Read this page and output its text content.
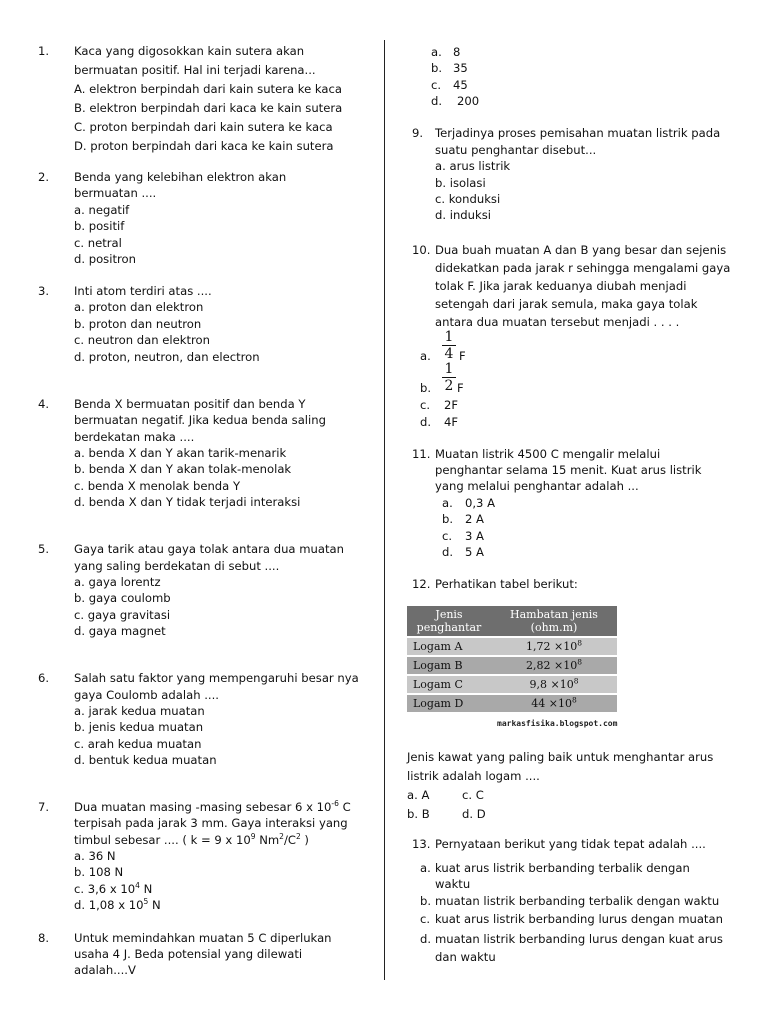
1. Kaca yang digosokkan kain sutera akan
bermuatan positif. Hal ini terjadi karena...
A. elektron berpindah dari kain sutera ke kaca
B. elektron berpindah dari kaca ke kain sutera
C. proton berpindah dari kain sutera ke kaca
D. proton berpindah dari kaca ke kain sutera
2. Benda yang kelebihan elektron akan
bermuatan ....
a. negatif
b. positif
c. netral
d. positron
3. Inti atom terdiri atas ....
a. proton dan elektron
b. proton dan neutron
c. neutron dan elektron
d. proton, neutron, dan electron
4. Benda X bermuatan positif dan benda Y
bermuatan negatif. Jika kedua benda saling
berdekatan maka ....
a. benda X dan Y akan tarik-menarik
b. benda X dan Y akan tolak-menolak
c. benda X menolak benda Y
d. benda X dan Y tidak terjadi interaksi
5. Gaya tarik atau gaya tolak antara dua muatan
yang saling berdekatan di sebut ....
a. gaya lorentz
b. gaya coulomb
c. gaya gravitasi
d. gaya magnet
6. Salah satu faktor yang mempengaruhi besar nya
gaya Coulomb adalah ....
a. jarak kedua muatan
b. jenis kedua muatan
c. arah kedua muatan
d. bentuk kedua muatan
7. Dua muatan masing -masing sebesar 6 x $10^{-6}$ C
terpisah pada jarak 3 mm. Gaya interaksi yang
timbul sebesar .... ( k = 9 x $10^9$ $Nm^2/C^2$ )
a. 36 N
b. 108 N
c. 3,6 x $10^4$ N
d. 1,08 x $10^5$ N
8. Untuk memindahkan muatan 5 C diperlukan
usaha 4 J. Beda potensial yang dilewati
adalah....V
a. 8
b. 35
c. 45
d. 200
9. Terjadinya proses pemisahan muatan listrik pada
suatu penghantar disebut...
a. arus listrik
b. isolasi
c. konduksi
d. induksi
10. Dua buah muatan A dan B yang besar dan sejenis
didekatkan pada jarak r sehingga mengalami gaya
tolak F. Jika jarak keduanya diubah menjadi
setengah dari jarak semula, maka gaya tolak
antara dua muatan tersebut menjadi . . . .
a.
1
4 F
b.
1
2 F
c. 2F
d. 4F
11. Muatan listrik 4500 C mengalir melalui
penghantar selama 15 menit. Kuat arus listrik
yang melalui penghantar adalah ...
a. 0,3 A
b. 2 A
c. 3 A
d. 5 A
12. Perhatikan tabel berikut:
Jenis
penghantar	Hambatan jenis
(ohm.m)
Logam A	$1,72 \times 10^8$
Logam B	$2,82 \times 10^8$
Logam C	$9,8 \times 10^8$
Logam D	$44 \times 10^8$
markasfisika.blogspot.com
Jenis kawat yang paling baik untuk menghantar arus
listrik adalah logam ....
a. A	c. C
b. B	d. D
13. Pernyataan berikut yang tidak tepat adalah ....
a. kuat arus listrik berbanding terbalik dengan
waktu
b. muatan listrik berbanding terbalik dengan waktu
c. kuat arus listrik berbanding lurus dengan muatan
d. muatan listrik berbanding lurus dengan kuat arus
dan waktu
